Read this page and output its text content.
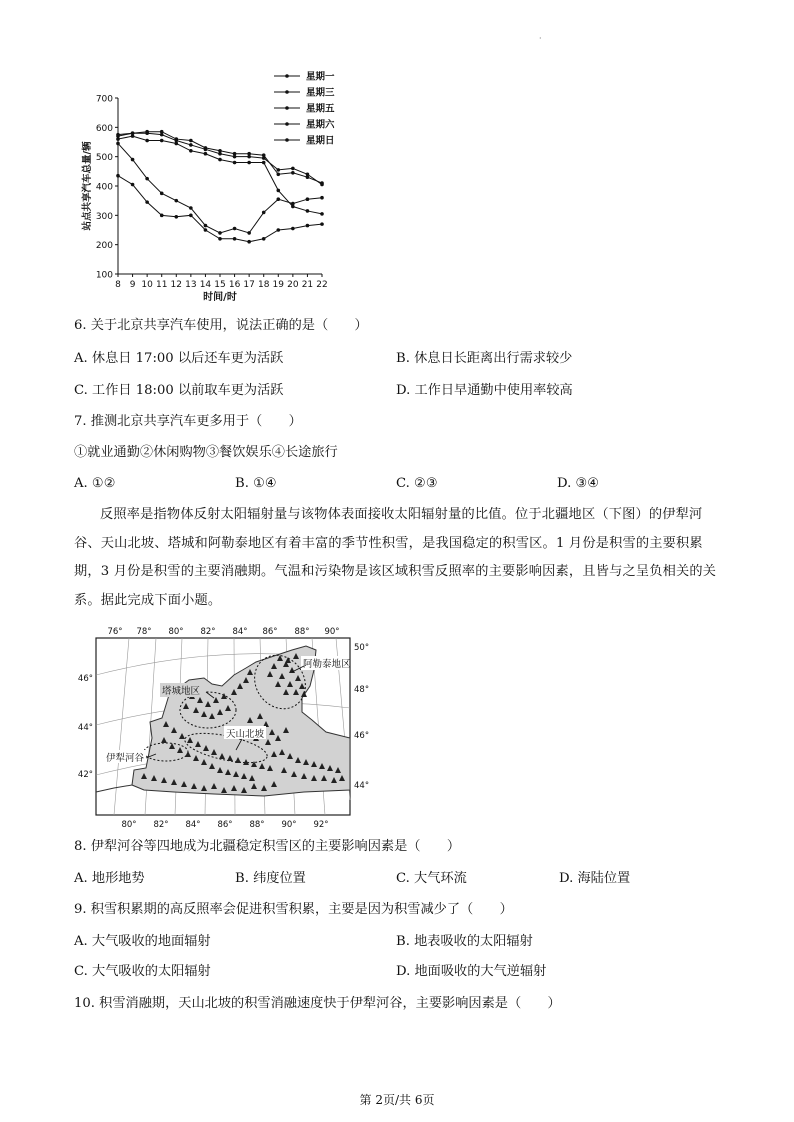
·
100
200
300
400
500
600
700
8 9 10 11 12 13 14 15 16 17 18 19 20 21 22
时间/时
站点共享汽车总量/辆
星期一
星期三
星期五
星期六
星期日
6. 关于北京共享汽车使用，说法正确的是（　　）
A. 休息日 17:00 以后还车更为活跃	B. 休息日长距离出行需求较少
C. 工作日 18:00 以前取车更为活跃	D. 工作日早通勤中使用率较高
7. 推测北京共享汽车更多用于（　　）
①就业通勤②休闲购物③餐饮娱乐④长途旅行
A. ①②	B. ①④	C. ②③	D. ③④
反照率是指物体反射太阳辐射量与该物体表面接收太阳辐射量的比值。位于北疆地区（下图）的伊犁河谷、天山北坡、塔城和阿勒泰地区有着丰富的季节性积雪，是我国稳定的积雪区。1 月份是积雪的主要积累期，3 月份是积雪的主要消融期。气温和污染物是该区域积雪反照率的主要影响因素，且皆与之呈负相关的关系。据此完成下面小题。
阿勒泰地区
塔城地区
天山北坡
伊犁河谷
76° 78° 80° 82° 84° 86° 88° 90°
80° 82° 84° 86° 88° 90° 92°
46°
44°
42°
50°
48°
46°
44°
8. 伊犁河谷等四地成为北疆稳定积雪区的主要影响因素是（　　）
A. 地形地势	B. 纬度位置	C. 大气环流	D. 海陆位置
9. 积雪积累期的高反照率会促进积雪积累，主要是因为积雪减少了（　　）
A. 大气吸收的地面辐射	B. 地表吸收的太阳辐射
C. 大气吸收的太阳辐射	D. 地面吸收的大气逆辐射
10. 积雪消融期，天山北坡的积雪消融速度快于伊犁河谷，主要影响因素是（　　）
第 2页/共 6页
